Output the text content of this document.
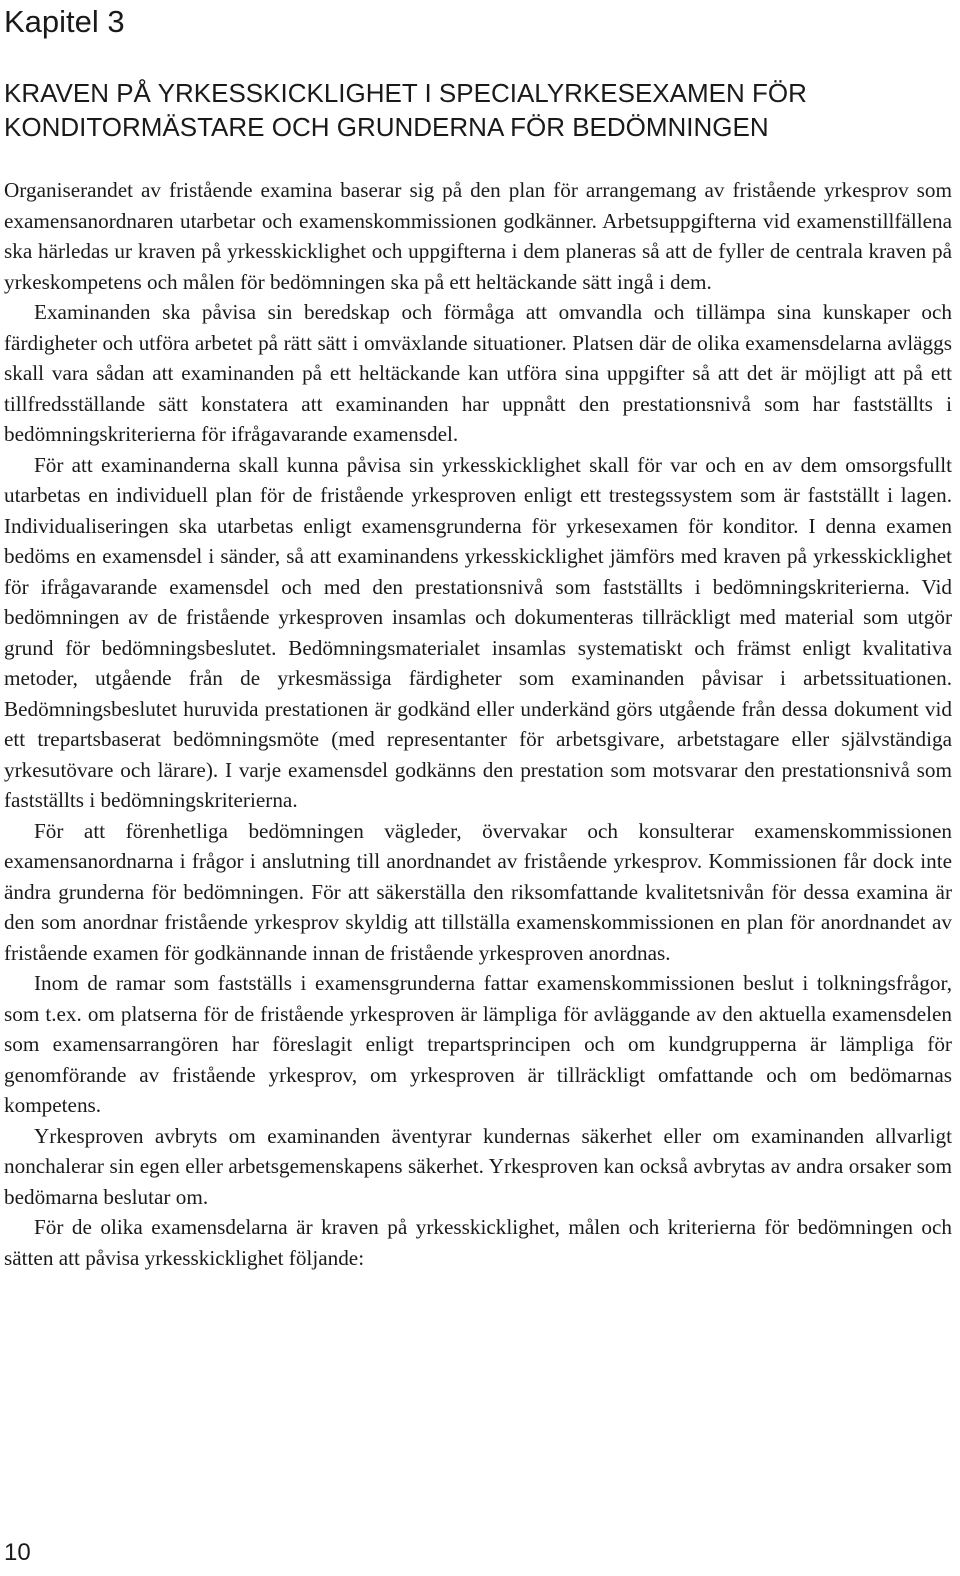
Kapitel 3
KRAVEN PÅ YRKESSKICKLIGHET I SPECIALYRKESEXAMEN FÖR
KONDITORMÄSTARE OCH GRUNDERNA FÖR BEDÖMNINGEN

Organiserandet av fristående examina baserar sig på den plan för arrangemang av fristående yrkesprov som examensanordnaren utarbetar och examenskommissionen godkänner. Arbetsuppgifterna vid examenstillfällena ska härledas ur kraven på yrkesskicklighet och uppgifterna i dem planeras så att de fyller de centrala kraven på yrkeskompetens och målen för bedömningen ska på ett heltäckande sätt ingå i dem.

Examinanden ska påvisa sin beredskap och förmåga att omvandla och tillämpa sina kunskaper och färdigheter och utföra arbetet på rätt sätt i omväxlande situationer. Platsen där de olika examensdelarna avläggs skall vara sådan att examinanden på ett heltäckande kan utföra sina uppgifter så att det är möjligt att på ett tillfredsställande sätt konstatera att examinanden har uppnått den prestationsnivå som har fastställts i bedömningskriterierna för ifrågavarande examensdel.

För att examinanderna skall kunna påvisa sin yrkesskicklighet skall för var och en av dem omsorgsfullt utarbetas en individuell plan för de fristående yrkesproven enligt ett trestegssystem som är fastställt i lagen. Individualiseringen ska utarbetas enligt examensgrunderna för yrkesexamen för konditor. I denna examen bedöms en examensdel i sänder, så att examinandens yrkesskicklighet jämförs med kraven på yrkesskicklighet för ifrågavarande examensdel och med den prestationsnivå som fastställts i bedömningskriterierna. Vid bedömningen av de fristående yrkesproven insamlas och dokumenteras tillräckligt med material som utgör grund för bedömningsbeslutet. Bedömningsmaterialet insamlas systematiskt och främst enligt kvalitativa metoder, utgående från de yrkesmässiga färdigheter som examinanden påvisar i arbetssituationen. Bedömningsbeslutet huruvida prestationen är godkänd eller underkänd görs utgående från dessa dokument vid ett trepartsbaserat bedömningsmöte (med representanter för arbetsgivare, arbetstagare eller självständiga yrkesutövare och lärare). I varje examensdel godkänns den prestation som motsvarar den prestationsnivå som fastställts i bedömningskriterierna.

För att förenhetliga bedömningen vägleder, övervakar och konsulterar examenskommissionen examensanordnarna i frågor i anslutning till anordnandet av fristående yrkesprov. Kommissionen får dock inte ändra grunderna för bedömningen. För att säkerställa den riksomfattande kvalitetsnivån för dessa examina är den som anordnar fristående yrkesprov skyldig att tillställa examenskommissionen en plan för anordnandet av fristående examen för godkännande innan de fristående yrkesproven anordnas.

Inom de ramar som fastställs i examensgrunderna fattar examenskommissionen beslut i tolkningsfrågor, som t.ex. om platserna för de fristående yrkesproven är lämpliga för avläggande av den aktuella examensdelen som examensarrangören har föreslagit enligt trepartsprincipen och om kundgrupperna är lämpliga för genomförande av fristående yrkesprov, om yrkesproven är tillräckligt omfattande och om bedömarnas kompetens.

Yrkesproven avbryts om examinanden äventyrar kundernas säkerhet eller om examinanden allvarligt nonchalerar sin egen eller arbetsgemenskapens säkerhet. Yrkesproven kan också avbrytas av andra orsaker som bedömarna beslutar om.

För de olika examensdelarna är kraven på yrkesskicklighet, målen och kriterierna för bedömningen och sätten att påvisa yrkesskicklighet följande:

10
